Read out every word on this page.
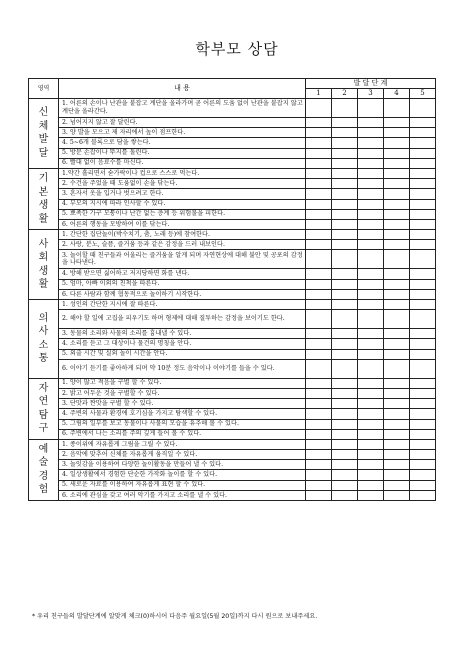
학부모 상담
영역	내 용	발 달 단 계				
		1	2	3	4	5
신
체
발
달	1. 어른의 손이나 난관을 붙잡고 계단을 올라가며 곧 어른의 도움 없이 난관을 붙잡지 않고 계단을 올라간다.					
	2. 넘어지지 않고 잘 달린다.					
	3. 양 발을 모으고 제 자리에서 높이 점프한다.					
	4. 5~6개 블록으로 담을 쌓는다.					
	5. 방문 손잡이나 뚜지를 돌린다.					
	6. 빨대 없이 음료수를 마신다.					
기
본
생
활	1.약간 흘리면서 숟가락이나 컵으로 스스로 먹는다.					
	2. 수건을 주었을 때 도움없이 손을 닦는다.					
	3. 혼자서 옷을 입거나 벗으려고 한다.					
	4. 부모의 지시에 따라 인사할 수 있다.					
	5. 뾰족한 가구 모퉁이나 난간 없는 층계 등 위험물을 피한다.					
	6. 어른의 행동을 모방하여 이를 닦는다.					
사
회
생
활	1. 간단한 집단놀이(박수치기, 춤, 노래 등)에 참여한다.					
	2. 사랑, 분노, 슬픔, 즐거움 등과 같은 감정을 드러 내보인다.					
	3. 놀이할 때 친구들과 어울리는 즐거움을 알게 되며 자연현상에 대해 불안 및 공포의 감정을 나타낸다.					
	4. 방해 받으면 싫어하고 저지당하면 화를 낸다.					
	5. 엄마, 아빠 이외의 친척을 따른다.					
	6. 다른 사람과 함께 협동적으로 놀이하기 시작한다.					
의
사
소
통	1. 성인의 간단한 지시에 잘 따른다.					
	2. 해야 할 일에 고집을 피우기도 하며 형제에 대해 질투하는 감정을 보이기도 한다.					
	3. 동물의 소리와 사물의 소리를 흉내낼 수 있다.					
	4. 소리를 듣고 그 대상이나 물건의 명칭을 안다.					
	5. 외출 시간 및 실외 놀이 시간을 안다.					
	6. 이야기 듣기를 좋아하게 되며 약 10분 정도 음악이나 이야기를 들을 수 있다.					
자
연
탐
구	1. 양이 많고 적음을 구별 할 수 있다.					
	2. 밝고 어두운 것을 구별할 수 있다.					
	3. 단맛과 짠맛을 구별 할 수 있다.					
	4. 주변의 사물과 환경에 호기심을 가지고 탐색할 수 있다.					
	5. 그림의 일부를 보고 동물이나 사물의 모습을 유추해 볼 수 있다.					
	6. 주변에서 나는 소리를 주의 깊게 들어 볼 수 있다.					
예
술
경
험	1. 종이위에 자유롭게 그림을 그릴 수 있다.					
	2. 음악에 맞추어 신체를 자유롭게 움직일 수 있다.					
	3. 놀잇감을 이용하여 다양한 놀이활동을 만들어 낼 수 있다.					
	4. 일상생활에서 경험한 단순한 가작화 놀이를 할 수 있다.					
	5. 새로운 자료를 이용하여 자유롭게 표현 할 수 있다.					
	6. 소리에 관심을 갖고 여러 악기를 가지고 소리를 낼 수 있다.					
* 우리 친구들의 발달단계에 알맞게 체크(0)하시어 다음주 월요일(5월 20일)까지 다시 원으로 보내주세요.
